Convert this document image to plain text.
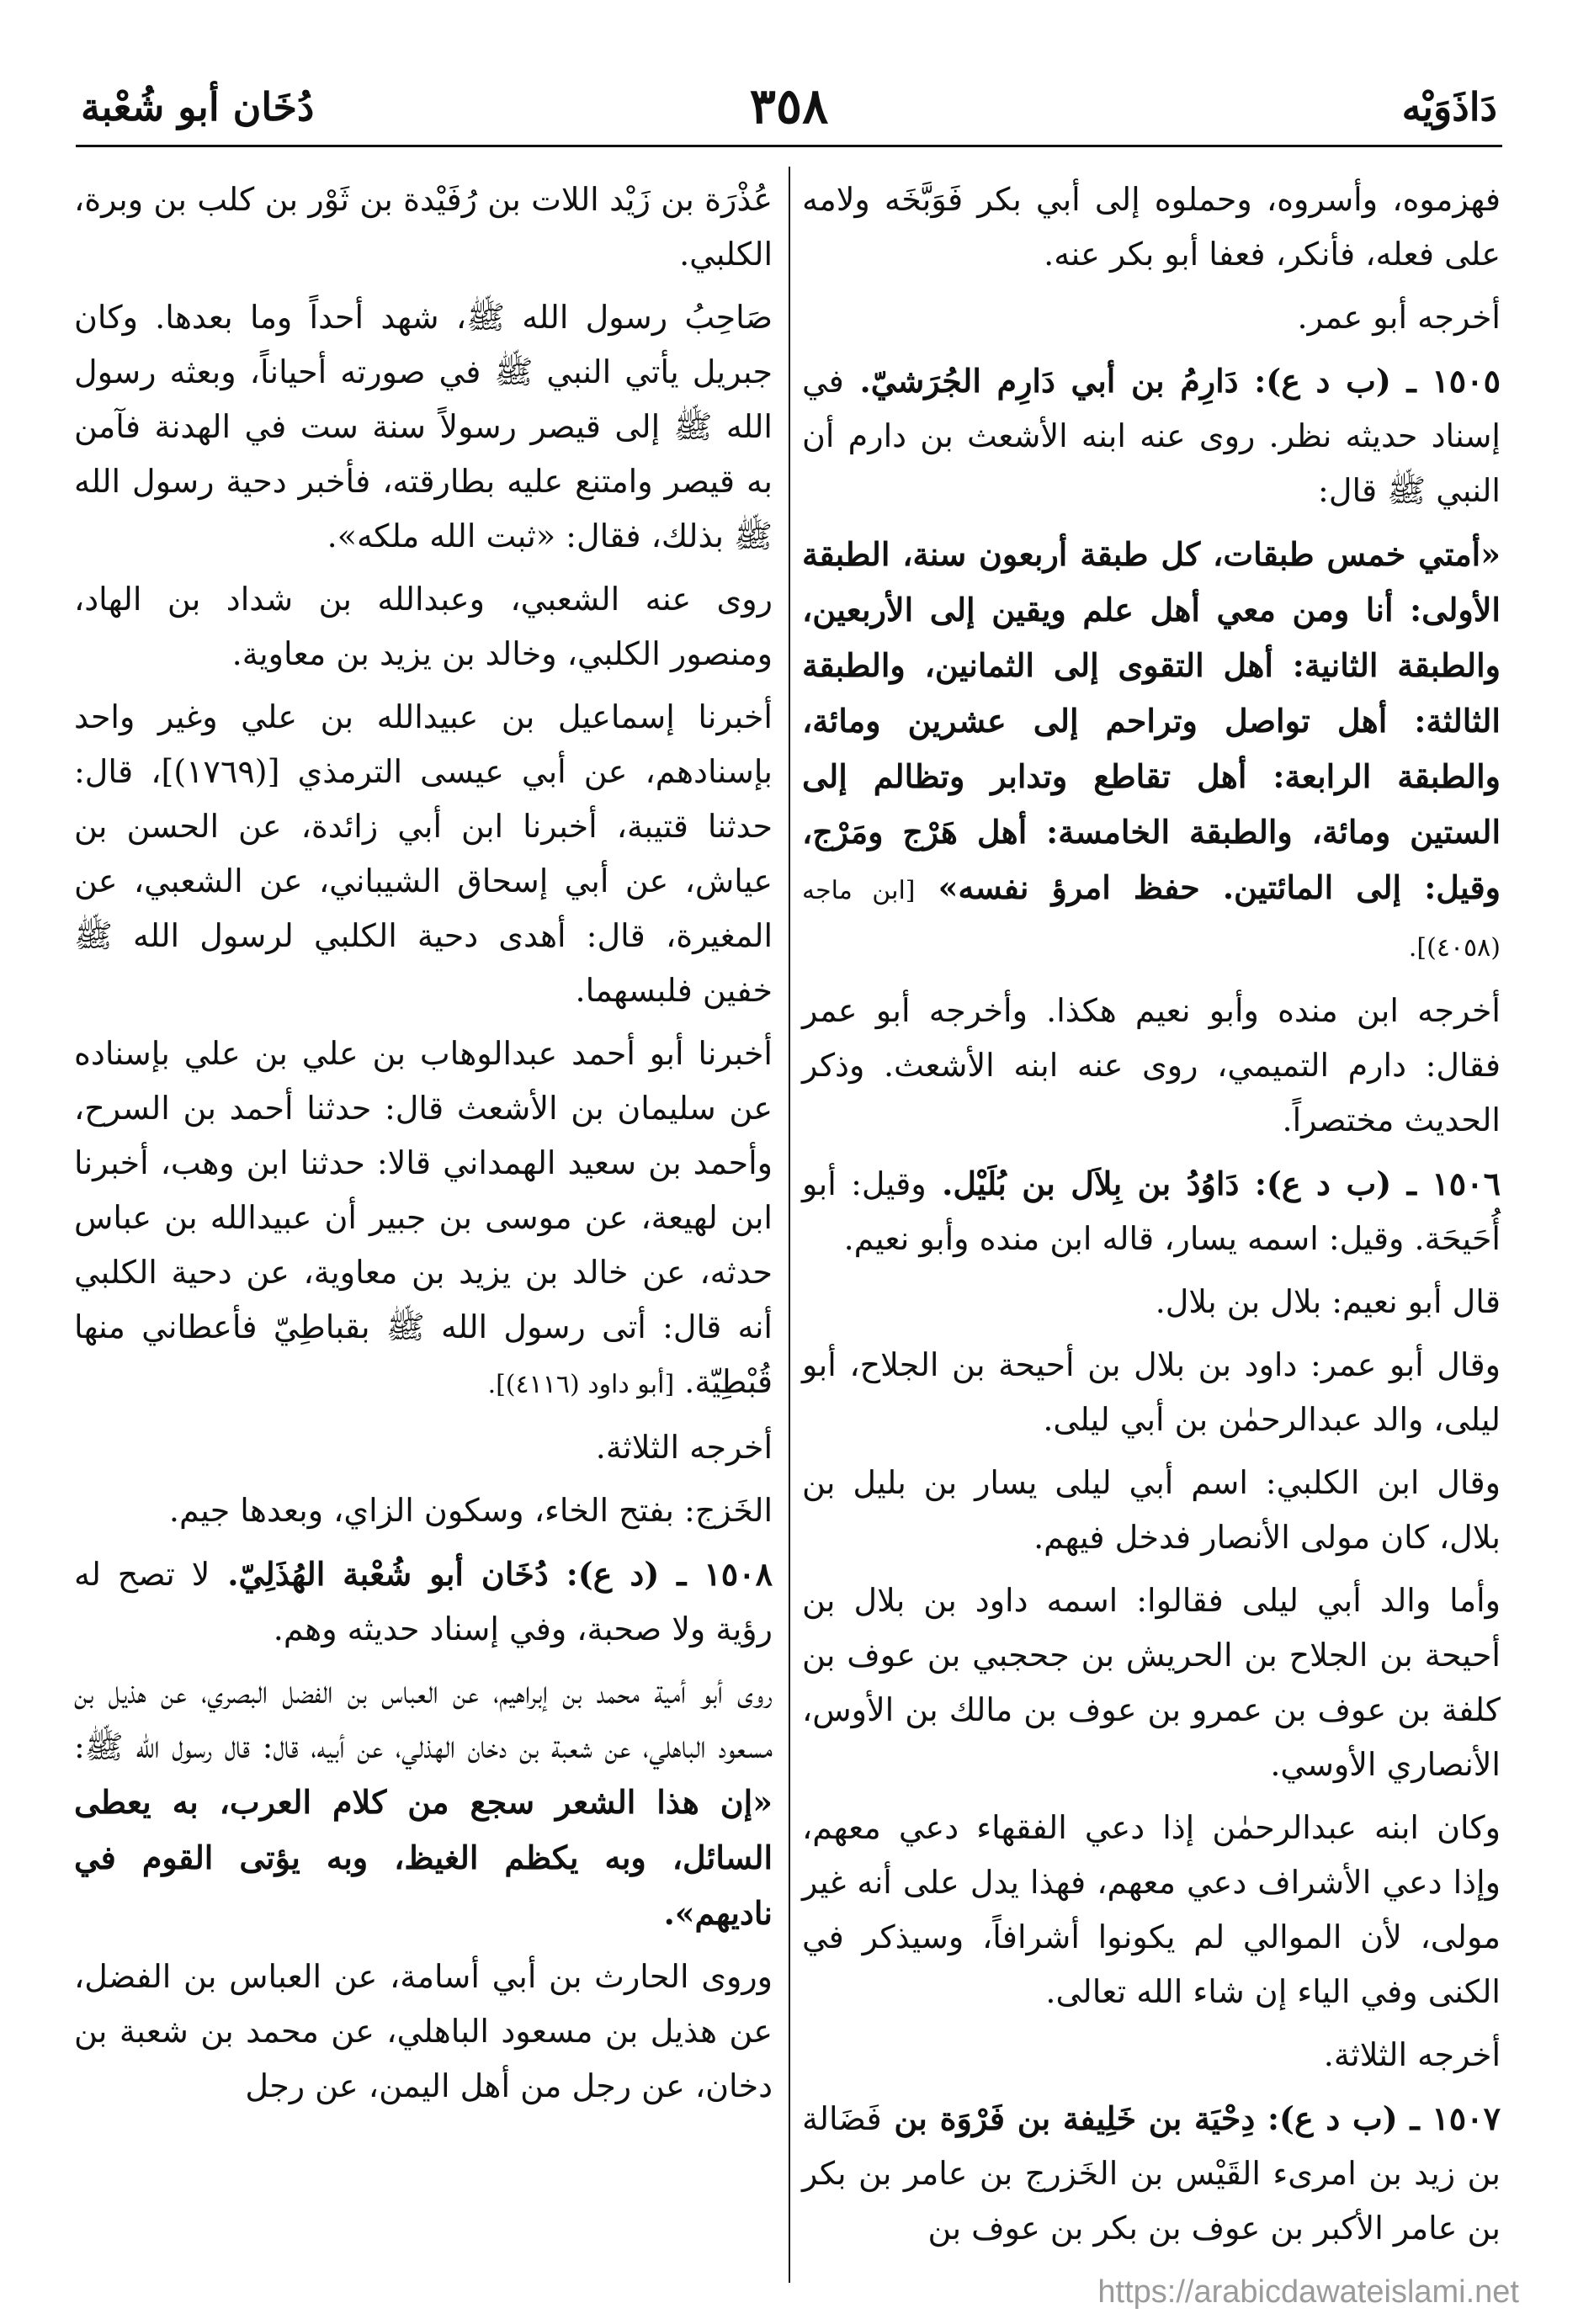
دَاذَوَيْه
٣٥٨
دُخَان أبو شُعْبة

فهزموه، وأسروه، وحملوه إلى أبي بكر فَوَبَّخَه ولامه على فعله، فأنكر، فعفا أبو بكر عنه.

أخرجه أبو عمر.

١٥٠٥ ـ (ب د ع): دَارِمُ بن أبي دَارِم الجُرَشيّ. في إسناد حديثه نظر. روى عنه ابنه الأشعث بن دارم أن النبي ﷺ قال:

«أمتي خمس طبقات، كل طبقة أربعون سنة، الطبقة الأولى: أنا ومن معي أهل علم ويقين إلى الأربعين، والطبقة الثانية: أهل التقوى إلى الثمانين، والطبقة الثالثة: أهل تواصل وتراحم إلى عشرين ومائة، والطبقة الرابعة: أهل تقاطع وتدابر وتظالم إلى الستين ومائة، والطبقة الخامسة: أهل هَرْج ومَرْج، وقيل: إلى المائتين. حفظ امرؤ نفسه» [ابن ماجه (٤٠٥٨)].

أخرجه ابن منده وأبو نعيم هكذا. وأخرجه أبو عمر فقال: دارم التميمي، روى عنه ابنه الأشعث. وذكر الحديث مختصراً.

١٥٠٦ ـ (ب د ع): دَاوُدُ بن بِلاَل بن بُلَيْل. وقيل: أبو أُحَيحَة. وقيل: اسمه يسار، قاله ابن منده وأبو نعيم.

قال أبو نعيم: بلال بن بلال.

وقال أبو عمر: داود بن بلال بن أحيحة بن الجلاح، أبو ليلى، والد عبدالرحمٰن بن أبي ليلى.

وقال ابن الكلبي: اسم أبي ليلى يسار بن بليل بن بلال، كان مولى الأنصار فدخل فيهم.

وأما والد أبي ليلى فقالوا: اسمه داود بن بلال بن أحيحة بن الجلاح بن الحريش بن جحجبي بن عوف بن كلفة بن عوف بن عمرو بن عوف بن مالك بن الأوس، الأنصاري الأوسي.

وكان ابنه عبدالرحمٰن إذا دعي الفقهاء دعي معهم، وإذا دعي الأشراف دعي معهم، فهذا يدل على أنه غير مولى، لأن الموالي لم يكونوا أشرافاً، وسيذكر في الكنى وفي الياء إن شاء الله تعالى.

أخرجه الثلاثة.

١٥٠٧ ـ (ب د ع): دِحْيَة بن خَلِيفة بن فَرْوَة بن فَضَالة بن زيد بن امرىء القَيْس بن الخَزرج بن عامر بن بكر بن عامر الأكبر بن عوف بن بكر بن عوف بن

عُذْرَة بن زَيْد اللات بن رُفَيْدة بن ثَوْر بن كلب بن وبرة، الكلبي.

صَاحِبُ رسول الله ﷺ، شهد أحداً وما بعدها. وكان جبريل يأتي النبي ﷺ في صورته أحياناً، وبعثه رسول الله ﷺ إلى قيصر رسولاً سنة ست في الهدنة فآمن به قيصر وامتنع عليه بطارقته، فأخبر دحية رسول الله ﷺ بذلك، فقال: «ثبت الله ملكه».

روى عنه الشعبي، وعبدالله بن شداد بن الهاد، ومنصور الكلبي، وخالد بن يزيد بن معاوية.

أخبرنا إسماعيل بن عبيدالله بن علي وغير واحد بإسنادهم، عن أبي عيسى الترمذي [(١٧٦٩)]، قال: حدثنا قتيبة، أخبرنا ابن أبي زائدة، عن الحسن بن عياش، عن أبي إسحاق الشيباني، عن الشعبي، عن المغيرة، قال: أهدى دحية الكلبي لرسول الله ﷺ خفين فلبسهما.

أخبرنا أبو أحمد عبدالوهاب بن علي بن علي بإسناده عن سليمان بن الأشعث قال: حدثنا أحمد بن السرح، وأحمد بن سعيد الهمداني قالا: حدثنا ابن وهب، أخبرنا ابن لهيعة، عن موسى بن جبير أن عبيدالله بن عباس حدثه، عن خالد بن يزيد بن معاوية، عن دحية الكلبي أنه قال: أتى رسول الله ﷺ بقباطِيّ فأعطاني منها قُبْطِيّة. [أبو داود (٤١١٦)].

أخرجه الثلاثة.

الخَزج: بفتح الخاء، وسكون الزاي، وبعدها جيم.

١٥٠٨ ـ (د ع): دُخَان أبو شُعْبة الهُذَلِيّ. لا تصح له رؤية ولا صحبة، وفي إسناد حديثه وهم.

روى أبو أمية محمد بن إبراهيم، عن العباس بن الفضل البصري، عن هذيل بن مسعود الباهلي، عن شعبة بن دخان الهذلي، عن أبيه، قال: قال رسول الله ﷺ: «إن هذا الشعر سجع من كلام العرب، به يعطى السائل، وبه يكظم الغيظ، وبه يؤتى القوم في ناديهم».

وروى الحارث بن أبي أسامة، عن العباس بن الفضل، عن هذيل بن مسعود الباهلي، عن محمد بن شعبة بن دخان، عن رجل من أهل اليمن، عن رجل

https://arabicdawateislami.net
